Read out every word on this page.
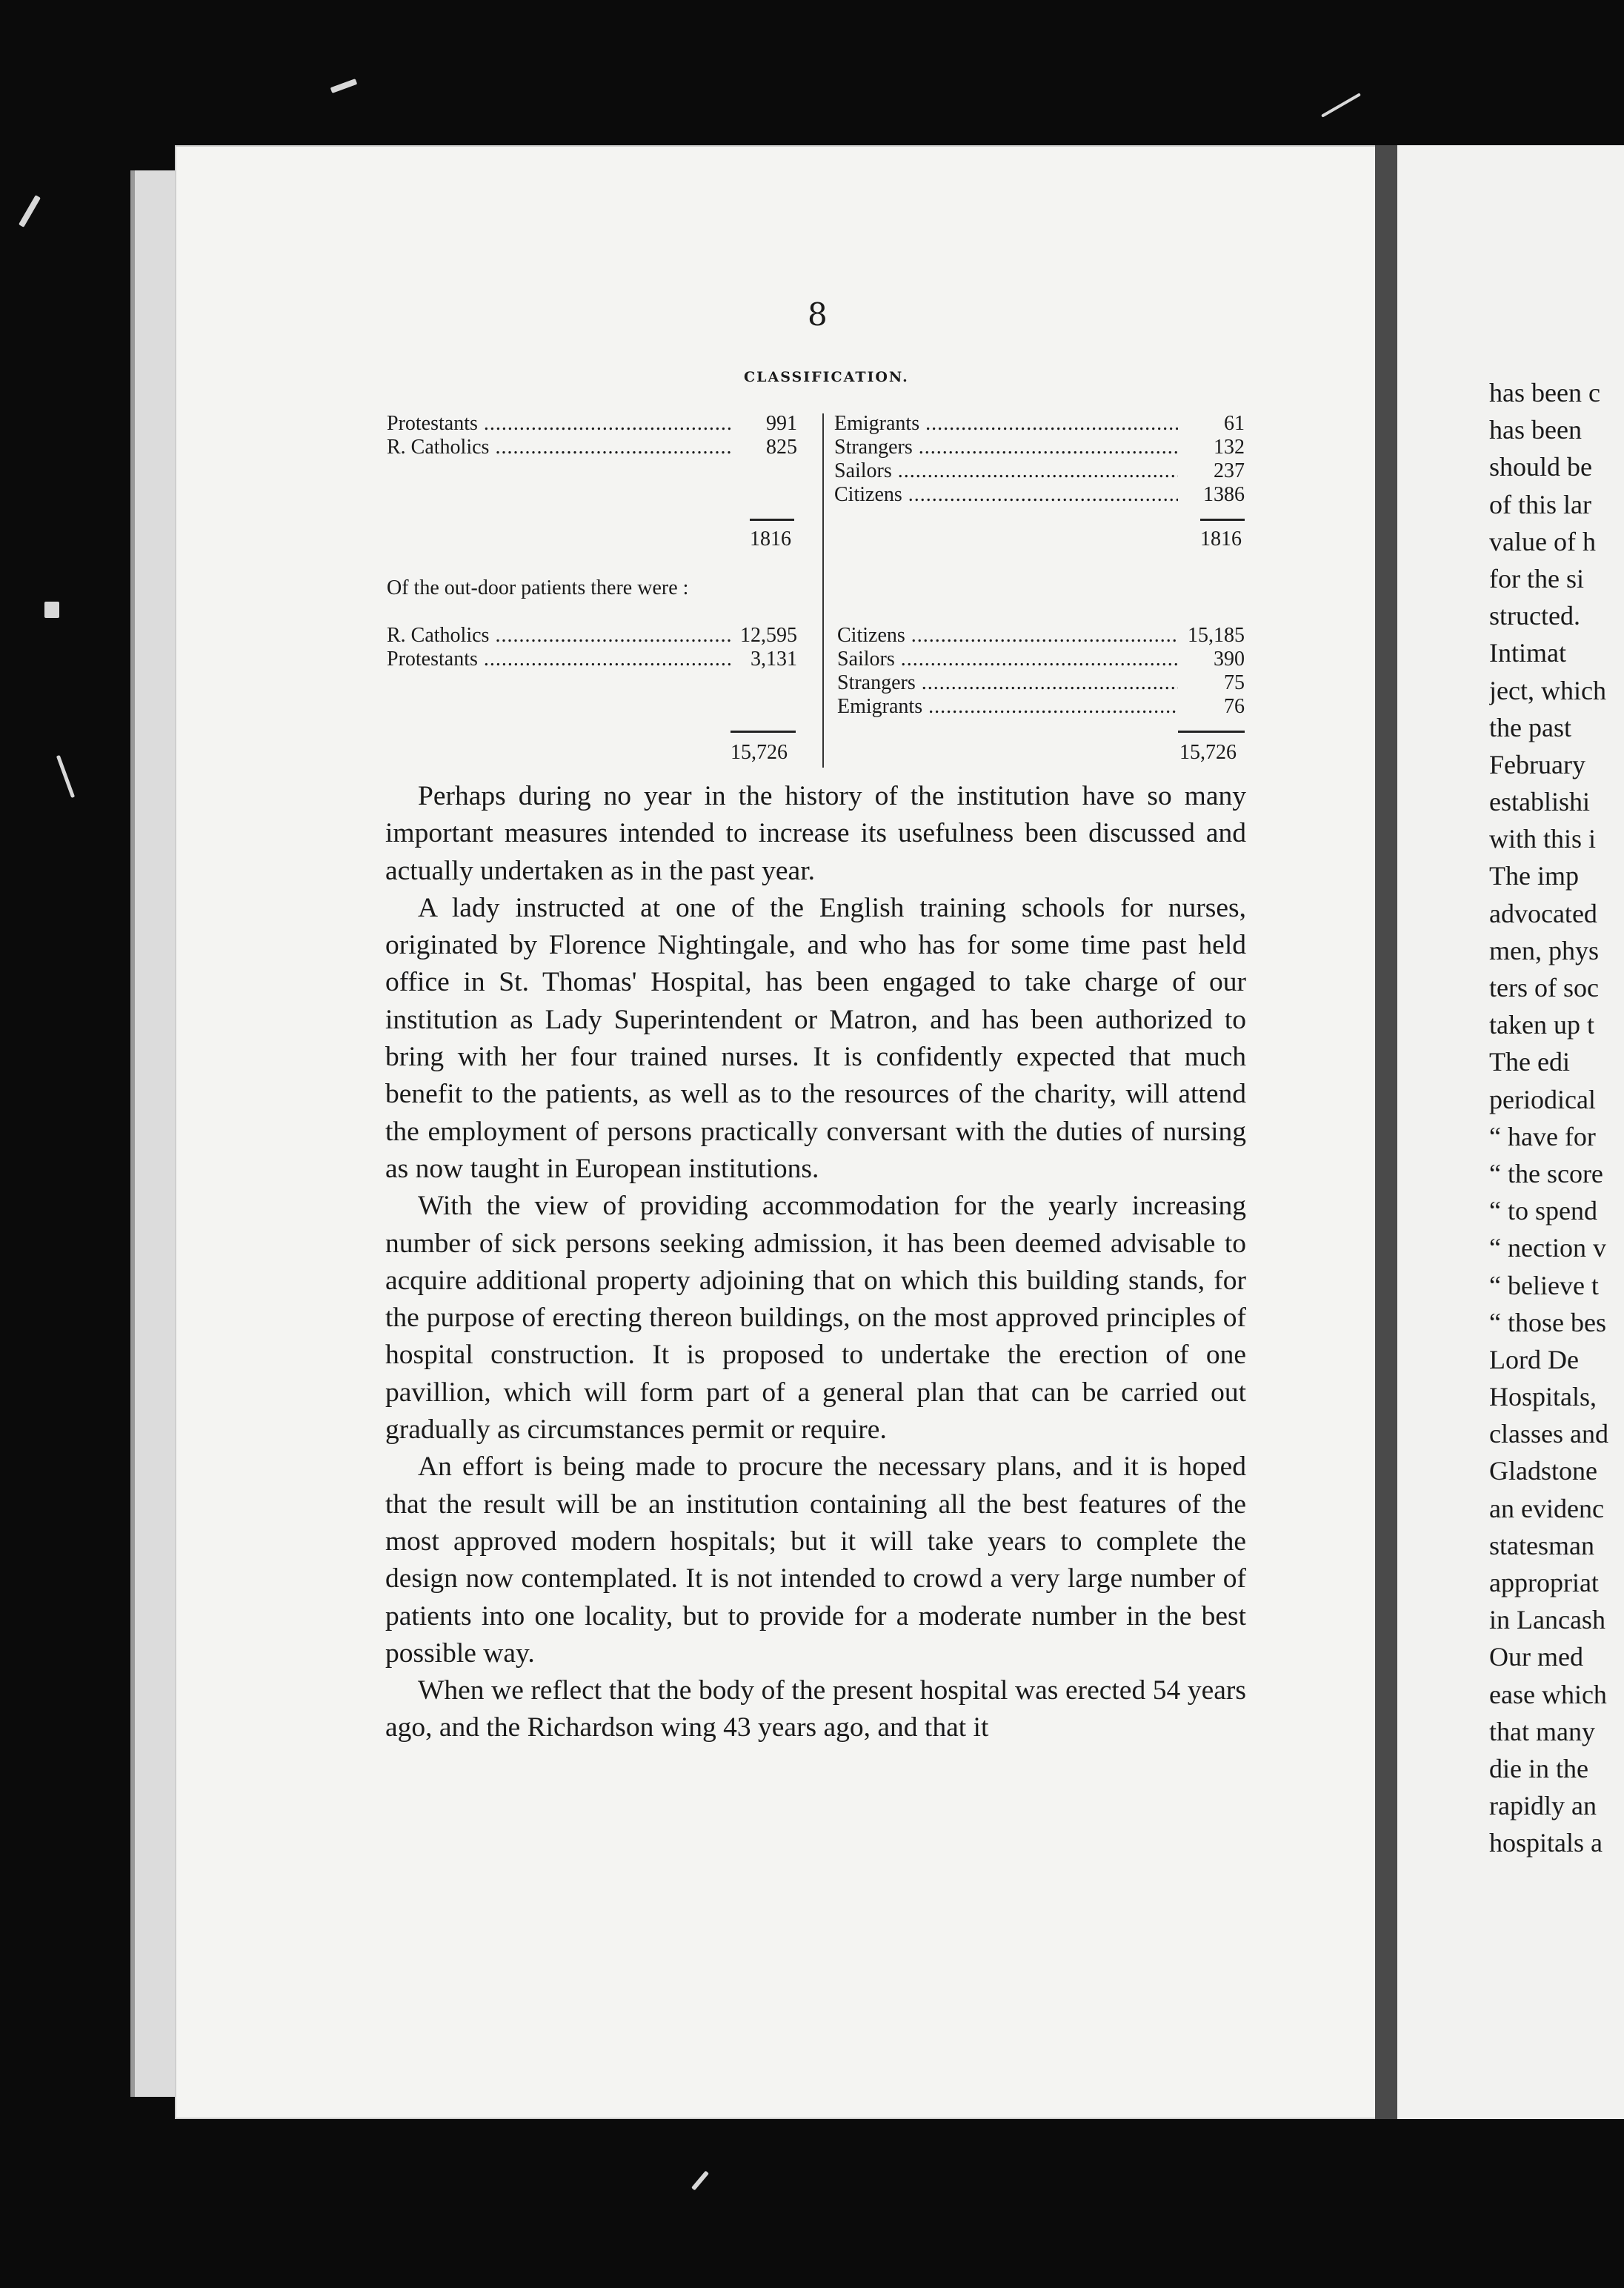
8
CLASSIFICATION.
Protestants .....	991
R. Catholics .....	825
1816
Emigrants .....	61
Strangers .....	132
Sailors .....	237
Citizens .....	1386
1816
Of the out-door patients there were :
R. Catholics .....	12,595
Protestants .....	3,131
15,726
Citizens .....	15,185
Sailors .....	390
Strangers .....	75
Emigrants .....	76
15,726

Perhaps during no year in the history of the institution have so many important measures intended to increase its usefulness been discussed and actually undertaken as in the past year.

A lady instructed at one of the English training schools for nurses, originated by Florence Nightingale, and who has for some time past held office in St. Thomas' Hospital, has been engaged to take charge of our institution as Lady Superintendent or Matron, and has been authorized to bring with her four trained nurses. It is confidently expected that much benefit to the patients, as well as to the resources of the charity, will attend the employment of persons practically conversant with the duties of nursing as now taught in European institutions.

With the view of providing accommodation for the yearly increasing number of sick persons seeking admission, it has been deemed advisable to acquire additional property adjoining that on which this building stands, for the purpose of erecting thereon buildings, on the most approved principles of hospital construction. It is proposed to undertake the erection of one pavillion, which will form part of a general plan that can be carried out gradually as circumstances permit or require.

An effort is being made to procure the necessary plans, and it is hoped that the result will be an institution containing all the best features of the most approved modern hospitals; but it will take years to complete the design now contemplated. It is not intended to crowd a very large number of patients into one locality, but to provide for a moderate number in the best possible way.

When we reflect that the body of the present hospital was erected 54 years ago, and the Richardson wing 43 years ago, and that it

has been c
has been
should be
of this lar
value of h
for the si
structed.
Intimat
ject, which
the past
February
establishi
with this i
The imp
advocated
men, phys
ters of soc
taken up t
The edi
periodical
“ have for
“ the score
“ to spend
“ nection v
“ believe t
“ those bes
Lord De
Hospitals,
classes and
Gladstone
an evidenc
statesman
appropriat
in Lancash
Our med
ease which
that many
die in the
rapidly an
hospitals a
